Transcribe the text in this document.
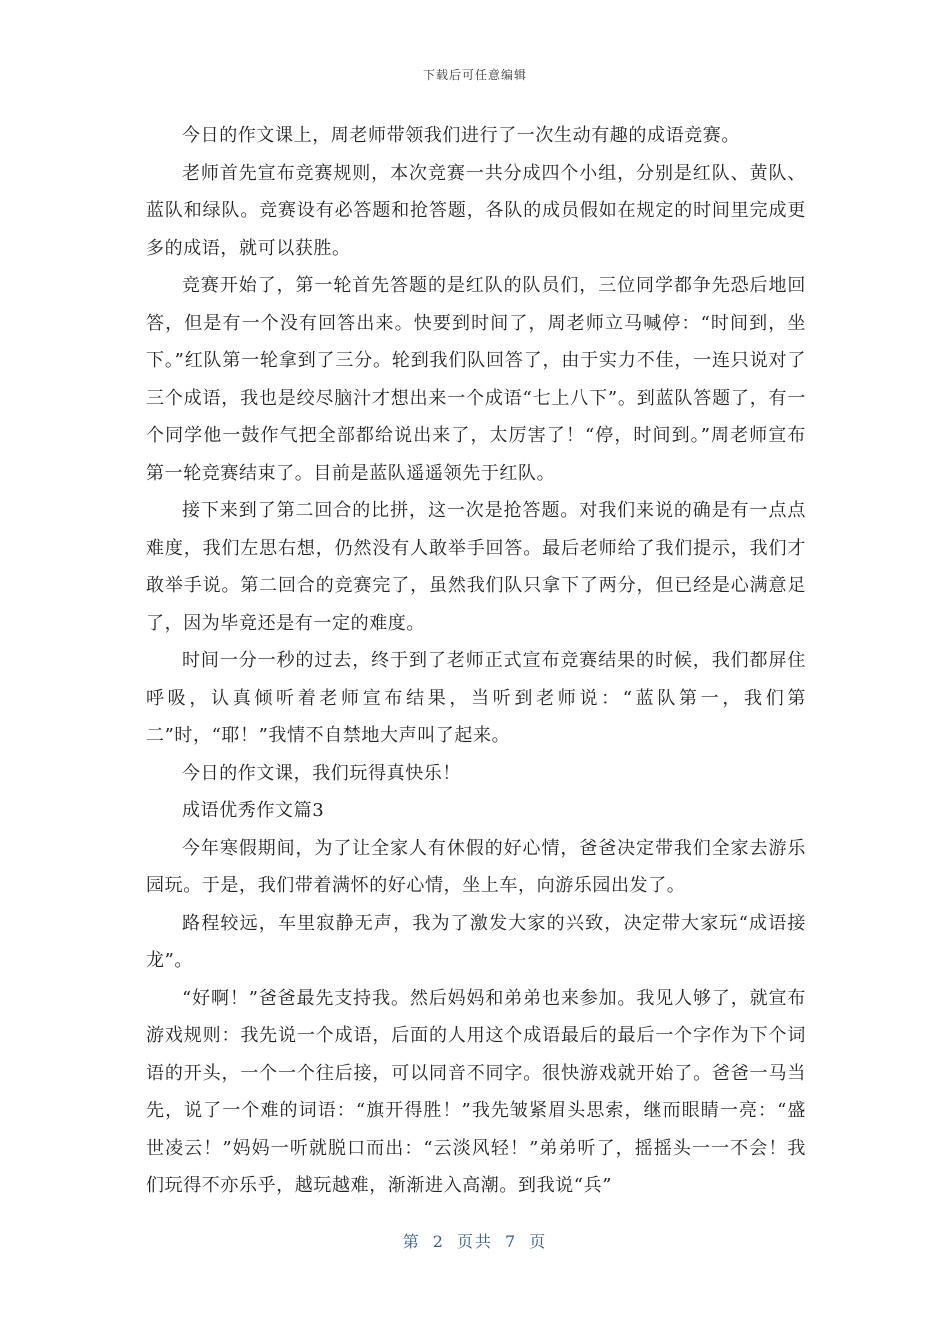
下载后可任意编辑

今日的作文课上，周老师带领我们进行了一次生动有趣的成语竞赛。

老师首先宣布竞赛规则，本次竞赛一共分成四个小组，分别是红队、黄队、蓝队和绿队。竞赛设有必答题和抢答题，各队的成员假如在规定的时间里完成更多的成语，就可以获胜。

竞赛开始了，第一轮首先答题的是红队的队员们，三位同学都争先恐后地回答，但是有一个没有回答出来。快要到时间了，周老师立马喊停：“时间到，坐下。”红队第一轮拿到了三分。轮到我们队回答了，由于实力不佳，一连只说对了三个成语，我也是绞尽脑汁才想出来一个成语“七上八下”。到蓝队答题了，有一个同学他一鼓作气把全部都给说出来了，太厉害了！“停，时间到。”周老师宣布第一轮竞赛结束了。目前是蓝队遥遥领先于红队。

接下来到了第二回合的比拼，这一次是抢答题。对我们来说的确是有一点点难度，我们左思右想，仍然没有人敢举手回答。最后老师给了我们提示，我们才敢举手说。第二回合的竞赛完了，虽然我们队只拿下了两分，但已经是心满意足了，因为毕竟还是有一定的难度。

时间一分一秒的过去，终于到了老师正式宣布竞赛结果的时候，我们都屏住呼吸，认真倾听着老师宣布结果，当听到老师说：“蓝队第一，我们第二”时，“耶！”我情不自禁地大声叫了起来。

今日的作文课，我们玩得真快乐！

成语优秀作文篇3

今年寒假期间，为了让全家人有休假的好心情，爸爸决定带我们全家去游乐园玩。于是，我们带着满怀的好心情，坐上车，向游乐园出发了。

路程较远，车里寂静无声，我为了激发大家的兴致，决定带大家玩“成语接龙”。

“好啊！”爸爸最先支持我。然后妈妈和弟弟也来参加。我见人够了，就宣布游戏规则：我先说一个成语，后面的人用这个成语最后的最后一个字作为下个词语的开头，一个一个往后接，可以同音不同字。很快游戏就开始了。爸爸一马当先，说了一个难的词语：“旗开得胜！”我先皱紧眉头思索，继而眼睛一亮：“盛世凌云！”妈妈一听就脱口而出：“云淡风轻！”弟弟听了，摇摇头一一不会！我们玩得不亦乐乎，越玩越难，渐渐进入高潮。到我说“兵”

第 2 页共 7 页
